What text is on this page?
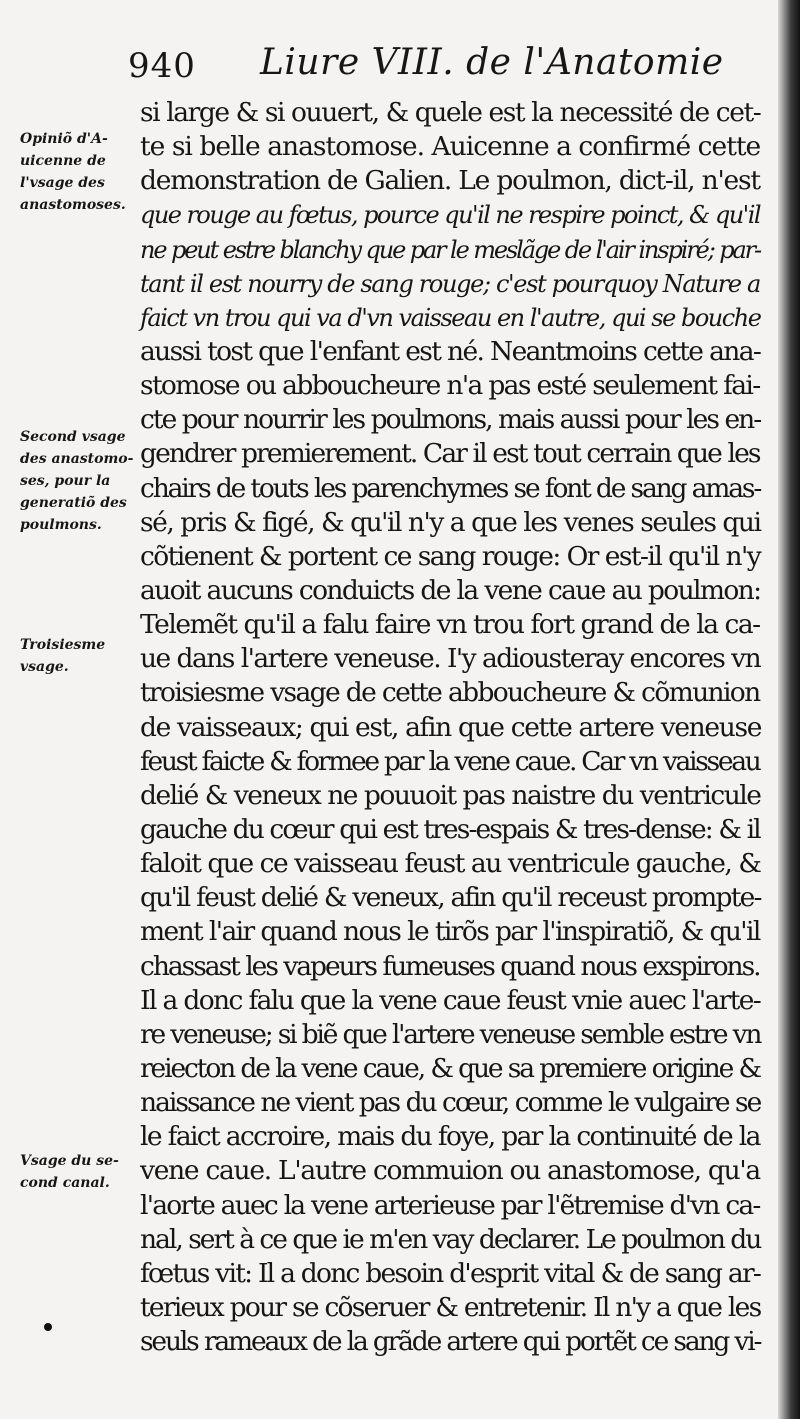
940 Liure VIII. de l'Anatomie
si large & si ouuert, & quele est la necessité de cet-
te si belle anastomose. Auicenne a confirmé cette
demonstration de Galien. Le poulmon, dict-il, n'est
que rouge au fœtus, pource qu'il ne respire poinct, & qu'il
ne peut estre blanchy que par le meslãge de l'air inspiré; par-
tant il est nourry de sang rouge; c'est pourquoy Nature a
faict vn trou qui va d'vn vaisseau en l'autre, qui se bouche
aussi tost que l'enfant est né. Neantmoins cette ana-
stomose ou abboucheure n'a pas esté seulement fai-
cte pour nourrir les poulmons, mais aussi pour les en-
gendrer premierement. Car il est tout cerrain que les
chairs de touts les parenchymes se font de sang amas-
sé, pris & figé, & qu'il n'y a que les venes seules qui
cõtienent & portent ce sang rouge: Or est-il qu'il n'y
auoit aucuns conduicts de la vene caue au poulmon:
Telemẽt qu'il a falu faire vn trou fort grand de la ca-
ue dans l'artere veneuse. I'y adiousteray encores vn
troisiesme vsage de cette abboucheure & cõmunion
de vaisseaux; qui est, afin que cette artere veneuse
feust faicte & formee par la vene caue. Car vn vaisseau
delié & veneux ne pouuoit pas naistre du ventricule
gauche du cœur qui est tres-espais & tres-dense: & il
faloit que ce vaisseau feust au ventricule gauche, &
qu'il feust delié & veneux, afin qu'il receust prompte-
ment l'air quand nous le tirõs par l'inspiratiõ, & qu'il
chassast les vapeurs fumeuses quand nous exspirons.
Il a donc falu que la vene caue feust vnie auec l'arte-
re veneuse; si biẽ que l'artere veneuse semble estre vn
reiecton de la vene caue, & que sa premiere origine &
naissance ne vient pas du cœur, comme le vulgaire se
le faict accroire, mais du foye, par la continuité de la
vene caue. L'autre commuion ou anastomose, qu'a
l'aorte auec la vene arterieuse par l'ẽtremise d'vn ca-
nal, sert à ce que ie m'en vay declarer. Le poulmon du
fœtus vit: Il a donc besoin d'esprit vital & de sang ar-
terieux pour se cõseruer & entretenir. Il n'y a que les
seuls rameaux de la grãde artere qui portẽt ce sang vi-
Opiniõ d'A-
uicenne de
l'vsage des
anastomoses.
Second vsage
des anastomo-
ses, pour la
generatiõ des
poulmons.
Troisiesme
vsage.
Vsage du se-
cond canal.
